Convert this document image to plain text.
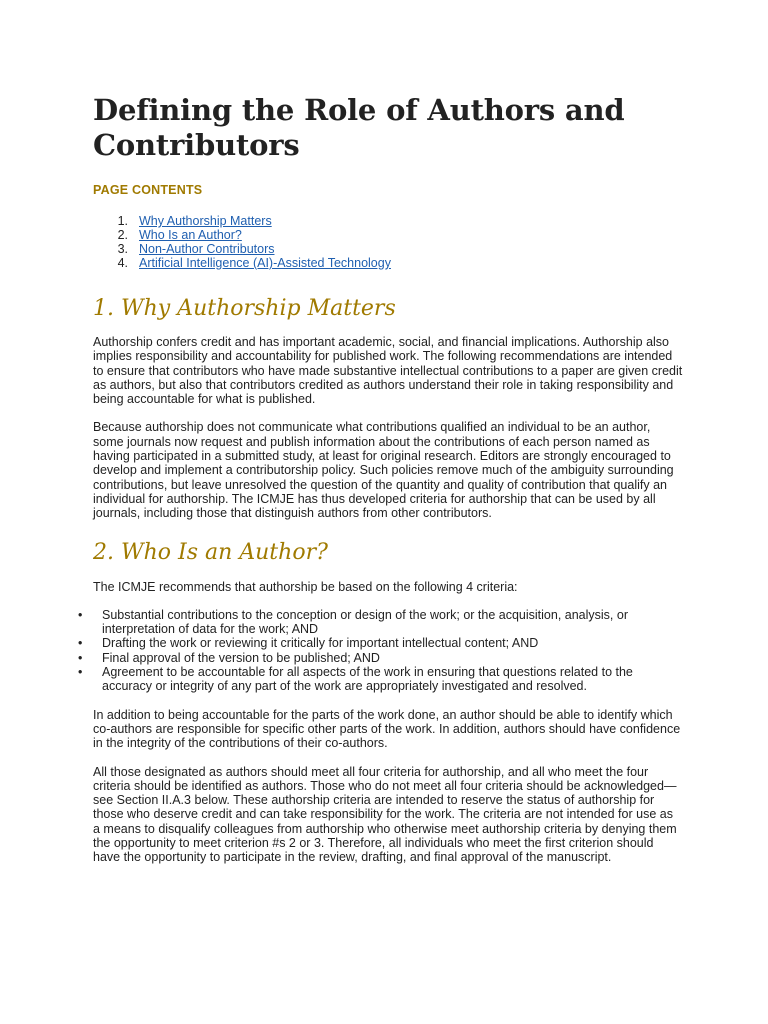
Defining the Role of Authors and Contributors
PAGE CONTENTS
1. Why Authorship Matters
2. Who Is an Author?
3. Non-Author Contributors
4. Artificial Intelligence (AI)-Assisted Technology
1. Why Authorship Matters

Authorship confers credit and has important academic, social, and financial implications. Authorship also implies responsibility and accountability for published work. The following recommendations are intended to ensure that contributors who have made substantive intellectual contributions to a paper are given credit as authors, but also that contributors credited as authors understand their role in taking responsibility and being accountable for what is published.

Because authorship does not communicate what contributions qualified an individual to be an author, some journals now request and publish information about the contributions of each person named as having participated in a submitted study, at least for original research. Editors are strongly encouraged to develop and implement a contributorship policy. Such policies remove much of the ambiguity surrounding contributions, but leave unresolved the question of the quantity and quality of contribution that qualify an individual for authorship. The ICMJE has thus developed criteria for authorship that can be used by all journals, including those that distinguish authors from other contributors.

2. Who Is an Author?

The ICMJE recommends that authorship be based on the following 4 criteria:

• Substantial contributions to the conception or design of the work; or the acquisition, analysis, or interpretation of data for the work; AND
• Drafting the work or reviewing it critically for important intellectual content; AND
• Final approval of the version to be published; AND
• Agreement to be accountable for all aspects of the work in ensuring that questions related to the accuracy or integrity of any part of the work are appropriately investigated and resolved.

In addition to being accountable for the parts of the work done, an author should be able to identify which co-authors are responsible for specific other parts of the work. In addition, authors should have confidence in the integrity of the contributions of their co-authors.

All those designated as authors should meet all four criteria for authorship, and all who meet the four criteria should be identified as authors. Those who do not meet all four criteria should be acknowledged—see Section II.A.3 below. These authorship criteria are intended to reserve the status of authorship for those who deserve credit and can take responsibility for the work. The criteria are not intended for use as a means to disqualify colleagues from authorship who otherwise meet authorship criteria by denying them the opportunity to meet criterion #s 2 or 3. Therefore, all individuals who meet the first criterion should have the opportunity to participate in the review, drafting, and final approval of the manuscript.
